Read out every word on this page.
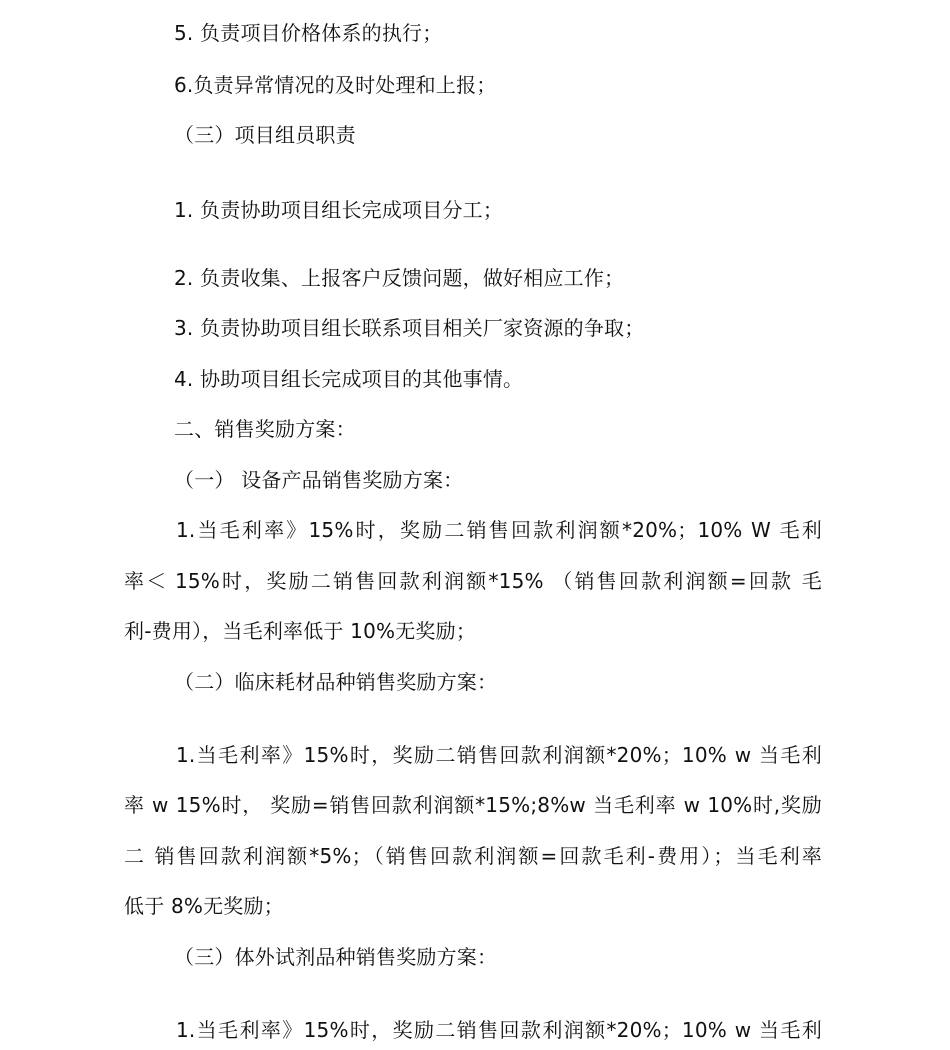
5. 负责项目价格体系的执行；
6.负责异常情况的及时处理和上报；
（三）项目组员职责
1. 负责协助项目组长完成项目分工；
2. 负责收集、上报客户反馈问题，做好相应工作；
3. 负责协助项目组长联系项目相关厂家资源的争取；
4. 协助项目组长完成项目的其他事情。
二、销售奖励方案：
（一） 设备产品销售奖励方案：
1.当毛利率》15%时，奖励二销售回款利润额*20%；10% W 毛利
率＜ 15%时，奖励二销售回款利润额*15% （销售回款利润额=回款 毛
利-费用），当毛利率低于 10%无奖励；
（二）临床耗材品种销售奖励方案：
1.当毛利率》15%时，奖励二销售回款利润额*20%；10% w 当毛利
率 w 15%时， 奖励=销售回款利润额*15%;8%w 当毛利率 w 10%时,奖励
二 销售回款利润额*5%；（销售回款利润额=回款毛利-费用）；当毛利率
低于 8%无奖励；
（三）体外试剂品种销售奖励方案：
1.当毛利率》15%时，奖励二销售回款利润额*20%；10% w 当毛利
